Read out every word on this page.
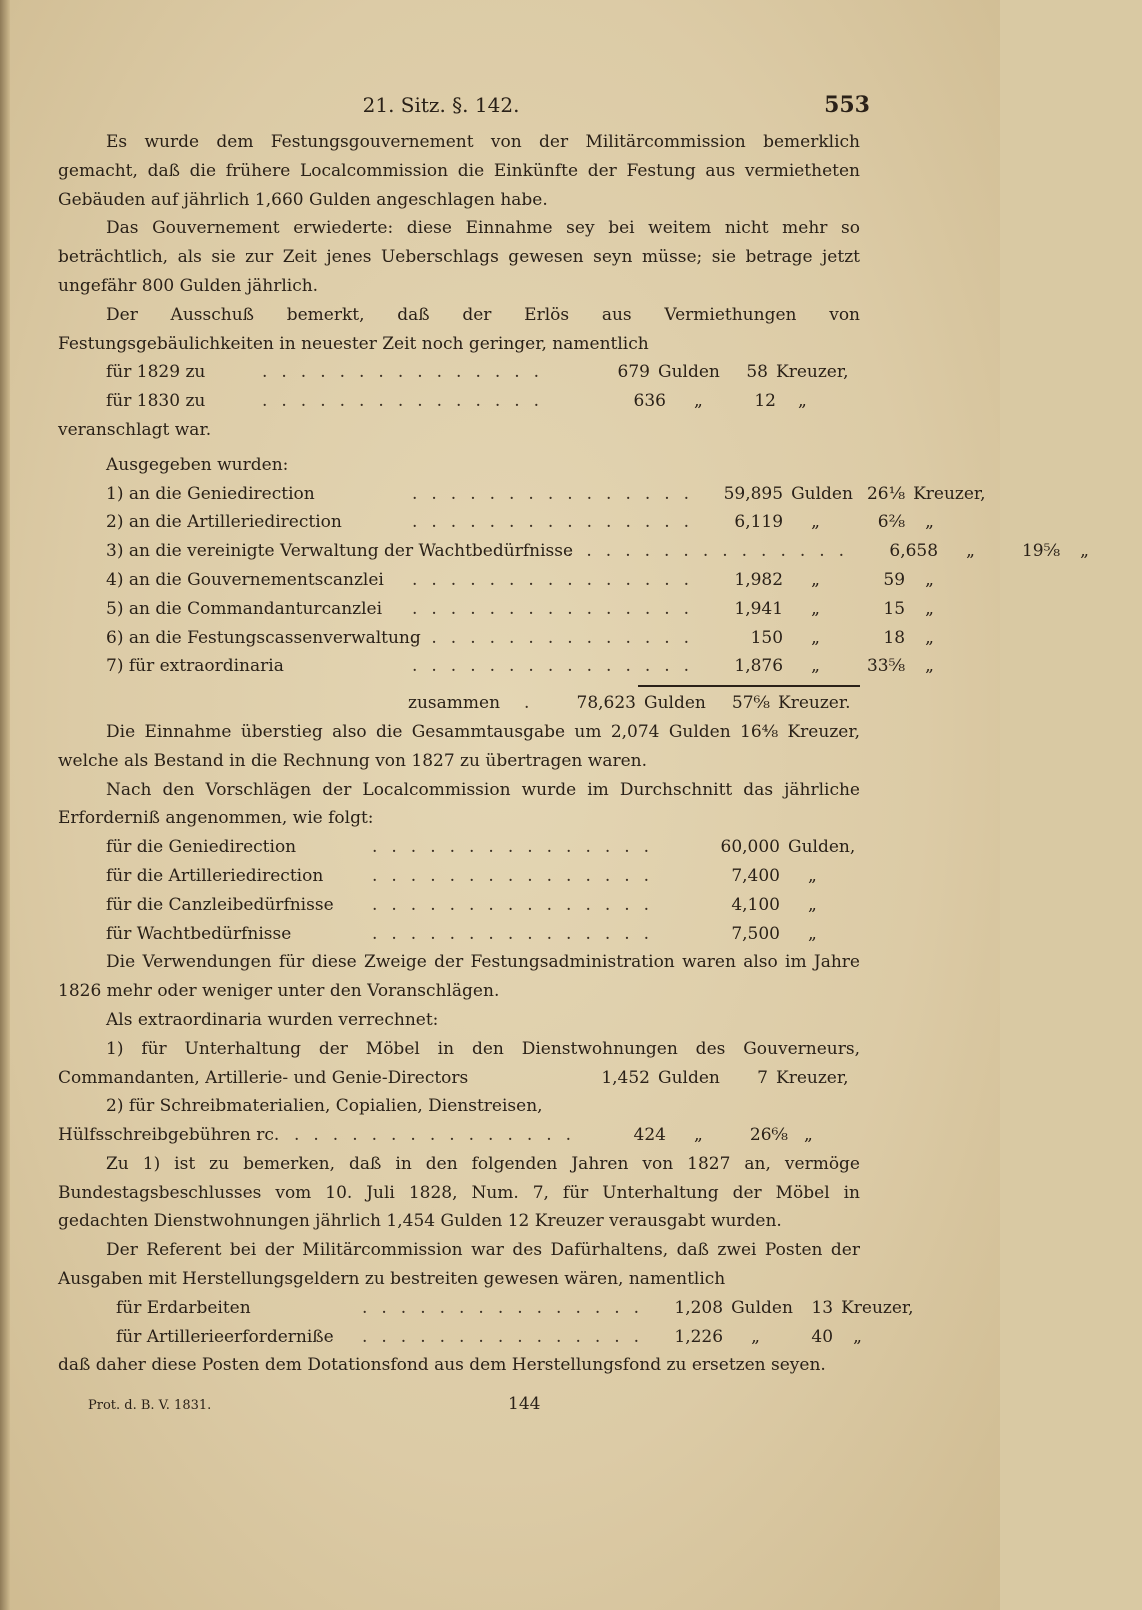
21. Sitz. §. 142.	553

Es wurde dem Festungsgouvernement von der Militärcommission bemerklich gemacht, daß die frühere Localcommission die Einkünfte der Festung aus vermietheten Gebäuden auf jährlich 1,660 Gulden angeschlagen habe.

Das Gouvernement erwiederte: diese Einnahme sey bei weitem nicht mehr so beträchtlich, als sie zur Zeit jenes Ueberschlags gewesen seyn müsse; sie betrage jetzt ungefähr 800 Gulden jährlich.

Der Ausschuß bemerkt, daß der Erlös aus Vermiethungen von Festungsgebäulichkeiten in neuester Zeit noch geringer, namentlich

für 1829 zu	...............	679 Gulden	58 Kreuzer,
für 1830 zu	...............	636	„	12	„

veranschlagt war.

Ausgegeben wurden:

1) an die Geniedirection	...............	59,895 Gulden 26⅛ Kreuzer,
2) an die Artilleriedirection	...............	6,119	„	6²⁄₈	„
3) an die vereinigte Verwaltung der Wachtbedürfnisse
...............	6,658	„	19⅝	„
4) an die Gouvernementscanzlei	...............	1,982	„	59	„
5) an die Commandanturcanzlei	...............	1,941	„	15	„
6) an die Festungscassenverwaltung
...............	150	„	18	„
7) für extraordinaria	...............	1,876	„	33⅝	„
zusammen	.	78,623 Gulden	57⁶⁄₈ Kreuzer.

Die Einnahme überstieg also die Gesammtausgabe um 2,074 Gulden 16⁴⁄₈ Kreuzer, welche als Bestand in die Rechnung von 1827 zu übertragen waren.

Nach den Vorschlägen der Localcommission wurde im Durchschnitt das jährliche Erforderniß angenommen, wie folgt:

für die Geniedirection	...............	60,000 Gulden,
für die Artilleriedirection	...............	7,400	„
für die Canzleibedürfnisse	...............	4,100	„
für Wachtbedürfnisse	...............	7,500	„

Die Verwendungen für diese Zweige der Festungsadministration waren also im Jahre 1826 mehr oder weniger unter den Voranschlägen.

Als extraordinaria wurden verrechnet:

1) für Unterhaltung der Möbel in den Dienstwohnungen des Gouverneurs, Commandanten, Artillerie- und Genie-Directors	1,452 Gulden	7 Kreuzer,

2) für Schreibmaterialien, Copialien, Dienstreisen,

Hülfsschreibgebühren rc. ...............	424	„	26⁶⁄₈ „

Zu 1) ist zu bemerken, daß in den folgenden Jahren von 1827 an, vermöge Bundestagsbeschlusses vom 10. Juli 1828, Num. 7, für Unterhaltung der Möbel in gedachten Dienstwohnungen jährlich 1,454 Gulden 12 Kreuzer verausgabt wurden.

Der Referent bei der Militärcommission war des Dafürhaltens, daß zwei Posten der Ausgaben mit Herstellungsgeldern zu bestreiten gewesen wären, namentlich

für Erdarbeiten	...............	1,208 Gulden	13 Kreuzer,
für Artillerieerforderniße	...............	1,226	„	40	„

daß daher diese Posten dem Dotationsfond aus dem Herstellungsfond zu ersetzen seyen.

Prot. d. B. V. 1831.	144
